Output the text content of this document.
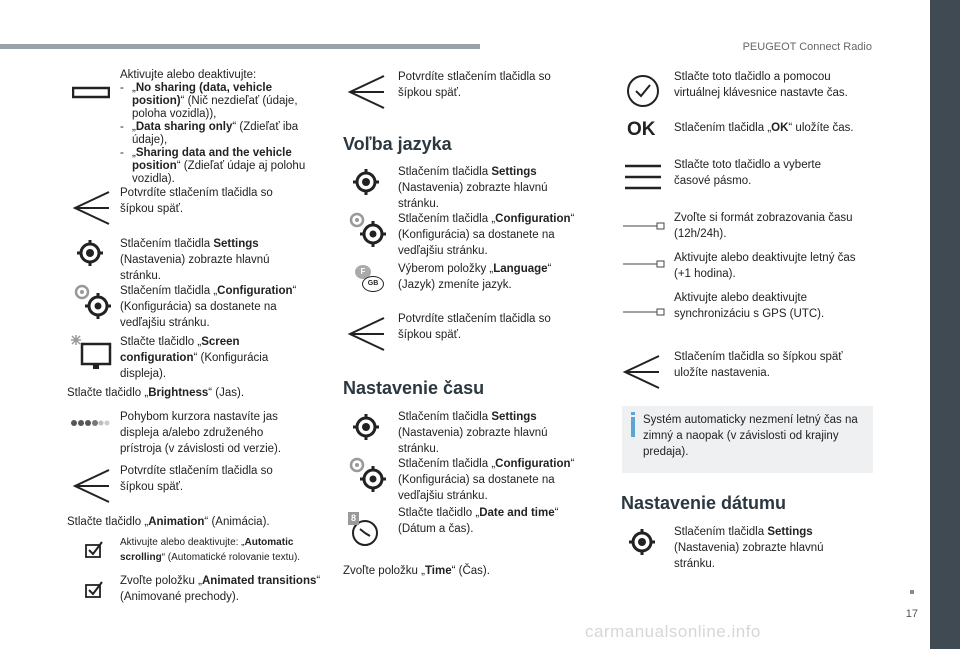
PEUGEOT Connect Radio
17
carmanualsonline.info
Aktivujte alebo deaktivujte:
- „No sharing (data, vehicle position)“ (Nič nezdieľať (údaje, poloha vozidla)),
- „Data sharing only“ (Zdieľať iba údaje),
- „Sharing data and the vehicle position“ (Zdieľať údaje aj polohu vozidla).
Potvrdíte stlačením tlačidla so šípkou späť.
Stlačením tlačidla Settings (Nastavenia) zobrazte hlavnú stránku.
Stlačením tlačidla „Configuration“ (Konfigurácia) sa dostanete na vedľajšiu stránku.
Stlačte tlačidlo „Screen configuration“ (Konfigurácia displeja).
Stlačte tlačidlo „Brightness“ (Jas).
Pohybom kurzora nastavíte jas displeja a/alebo združeného prístroja (v závislosti od verzie).
Potvrdíte stlačením tlačidla so šípkou späť.
Stlačte tlačidlo „Animation“ (Animácia).
Aktivujte alebo deaktivujte: „Automatic scrolling“ (Automatické rolovanie textu).
Zvoľte položku „Animated transitions“ (Animované prechody).
Potvrdíte stlačením tlačidla so šípkou späť.
Voľba jazyka
Stlačením tlačidla Settings (Nastavenia) zobrazte hlavnú stránku.
Stlačením tlačidla „Configuration“ (Konfigurácia) sa dostanete na vedľajšiu stránku.
F
GB
Výberom položky „Language“ (Jazyk) zmeníte jazyk.
Potvrdíte stlačením tlačidla so šípkou späť.
Nastavenie času
Stlačením tlačidla Settings (Nastavenia) zobrazte hlavnú stránku.
Stlačením tlačidla „Configuration“ (Konfigurácia) sa dostanete na vedľajšiu stránku.
8	Stlačte tlačidlo „Date and time“ (Dátum a čas).
Zvoľte položku „Time“ (Čas).
Stlačte toto tlačidlo a pomocou virtuálnej klávesnice nastavte čas.
OK Stlačením tlačidla „OK“ uložíte čas.
Stlačte toto tlačidlo a vyberte časové pásmo.
Zvoľte si formát zobrazovania času (12h/24h).
Aktivujte alebo deaktivujte letný čas (+1 hodina).
Aktivujte alebo deaktivujte synchronizáciu s GPS (UTC).
Stlačením tlačidla so šípkou späť uložíte nastavenia.
Systém automaticky nezmení letný čas na zimný a naopak (v závislosti od krajiny predaja).
Nastavenie dátumu
Stlačením tlačidla Settings (Nastavenia) zobrazte hlavnú stránku.
